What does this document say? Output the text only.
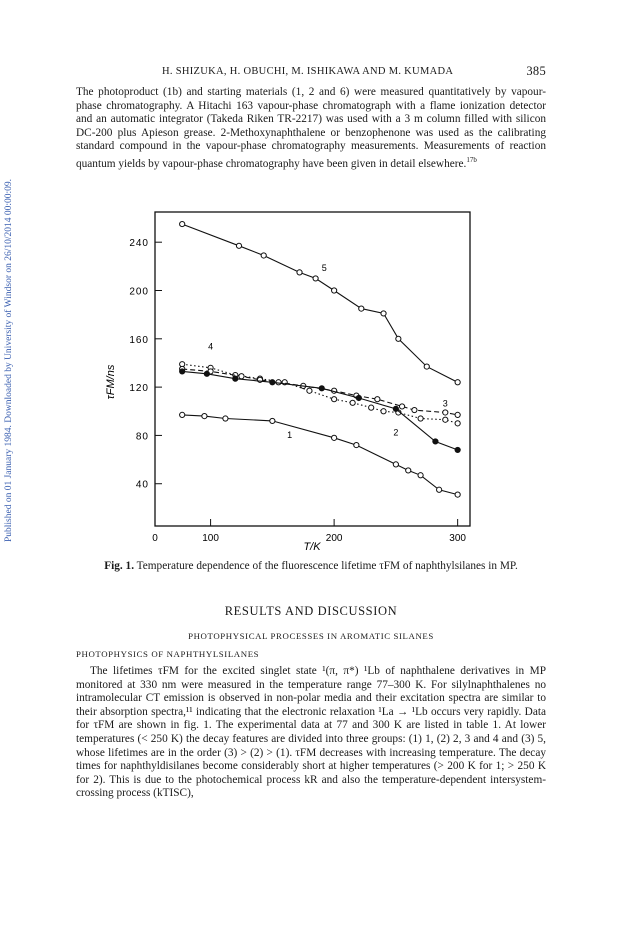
Published on 01 January 1984. Downloaded by University of Windsor on 26/10/2014 00:00:09.
H. SHIZUKA, H. OBUCHI, M. ISHIKAWA AND M. KUMADA	385
The photoproduct (1b) and starting materials (1, 2 and 6) were measured quantitatively by vapour-phase chromatography. A Hitachi 163 vapour-phase chromatograph with a flame ionization detector and an automatic integrator (Takeda Riken TR-2217) was used with a 3 m column filled with silicon DC-200 plus Apieson grease. 2-Methoxynaphthalene or benzophenone was used as the calibrating standard compound in the vapour-phase chromatography measurements. Measurements of reaction quantum yields by vapour-phase chromatography have been given in detail elsewhere.$^{17b}$
40
80
120
160
200
240
0	100	200	300
5
4
3
2
1
T/K
τFM/ns
Fig. 1. Temperature dependence of the fluorescence lifetime τFM of naphthylsilanes in MP.
RESULTS AND DISCUSSION
PHOTOPHYSICAL PROCESSES IN AROMATIC SILANES
PHOTOPHYSICS OF NAPHTHYLSILANES
The lifetimes τFM for the excited singlet state ¹(π, π*) ¹Lb of naphthalene derivatives in MP monitored at 330 nm were measured in the temperature range 77–300 K. For silylnaphthalenes no intramolecular CT emission is observed in non-polar media and their excitation spectra are similar to their absorption spectra,¹¹ indicating that the electronic relaxation ¹La → ¹Lb occurs very rapidly. Data for τFM are shown in fig. 1. The experimental data at 77 and 300 K are listed in table 1. At lower temperatures (< 250 K) the decay features are divided into three groups: (1) 1, (2) 2, 3 and 4 and (3) 5, whose lifetimes are in the order (3) > (2) > (1). τFM decreases with increasing temperature. The decay times for naphthyldisilanes become considerably short at higher temperatures (> 200 K for 1; > 250 K for 2). This is due to the photochemical process kR and also the temperature-dependent intersystem-crossing process (kTISC),
